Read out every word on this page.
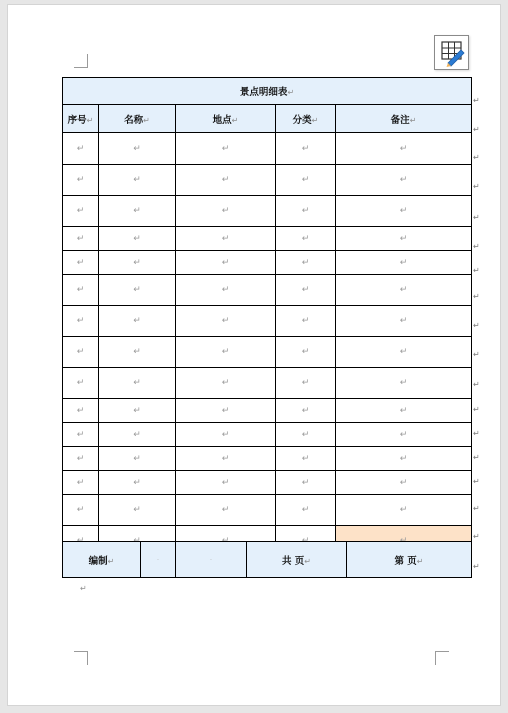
景点明细表↵				
序号↵	名称↵	地点↵	分类↵	备注↵
↵	↵	↵	↵	↵
↵	↵	↵	↵	↵
↵	↵	↵	↵	↵
↵	↵	↵	↵	↵
↵	↵	↵	↵	↵
↵	↵	↵	↵	↵
↵	↵	↵	↵	↵
↵	↵	↵	↵	↵
↵	↵	↵	↵	↵
↵	↵	↵	↵	↵
↵	↵	↵	↵	↵
↵	↵	↵	↵	↵
↵	↵	↵	↵	↵
↵	↵	↵	↵	↵

编制↵	·	·	共 页↵	第 页↵
↵
↵
↵
↵
↵
↵
↵
↵
↵
↵
↵
↵
↵
↵
↵
↵
↵
↵
↵
